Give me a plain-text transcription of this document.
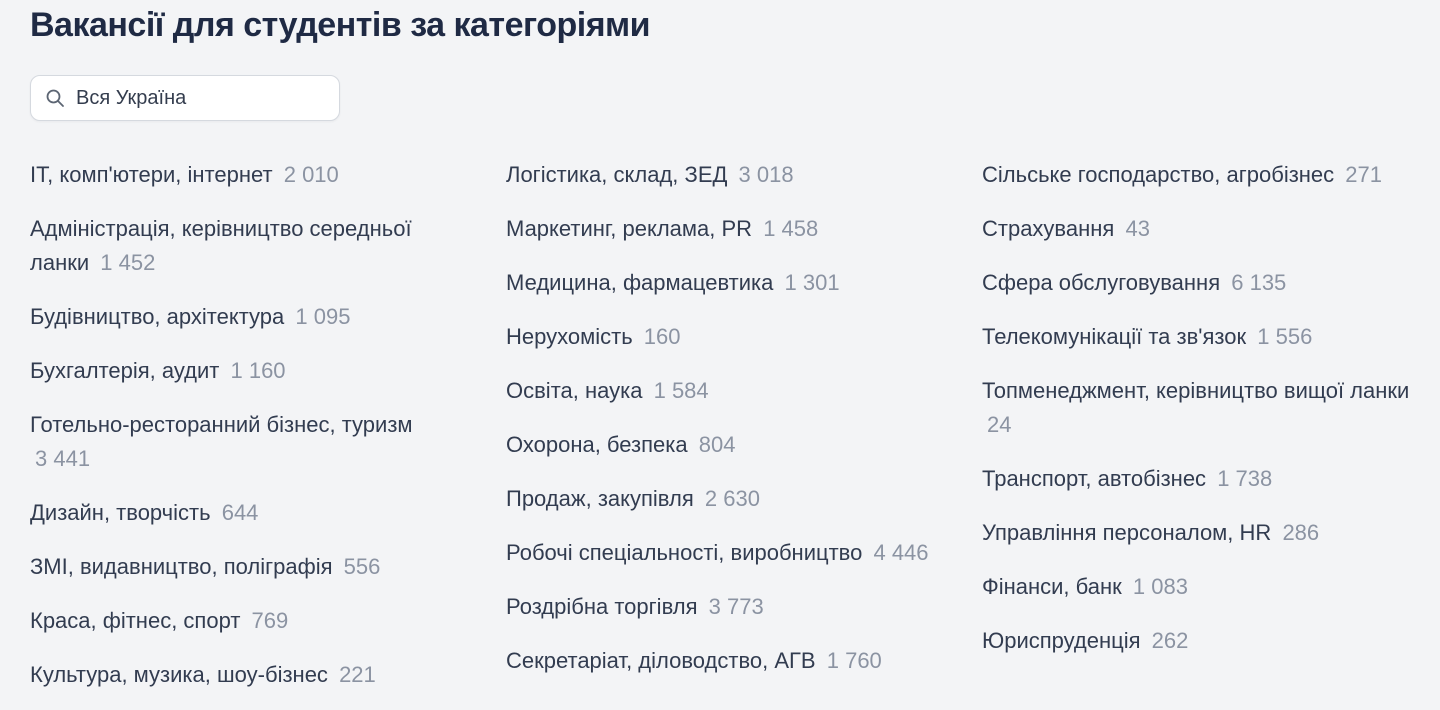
Вакансії для студентів за категоріями
Вся Україна
IT, комп'ютери, інтернет 2 010
Адміністрація, керівництво середньої ланки 1 452
Будівництво, архітектура 1 095
Бухгалтерія, аудит 1 160
Готельно-ресторанний бізнес, туризм 3 441
Дизайн, творчість 644
ЗМІ, видавництво, поліграфія 556
Краса, фітнес, спорт 769
Культура, музика, шоу-бізнес 221
Логістика, склад, ЗЕД 3 018
Маркетинг, реклама, PR 1 458
Медицина, фармацевтика 1 301
Нерухомість 160
Освіта, наука 1 584
Охорона, безпека 804
Продаж, закупівля 2 630
Робочі спеціальності, виробництво 4 446
Роздрібна торгівля 3 773
Секретаріат, діловодство, АГВ 1 760
Сільське господарство, агробізнес 271
Страхування 43
Сфера обслуговування 6 135
Телекомунікації та зв'язок 1 556
Топменеджмент, керівництво вищої ланки 24
Транспорт, автобізнес 1 738
Управління персоналом, HR 286
Фінанси, банк 1 083
Юриспруденція 262
